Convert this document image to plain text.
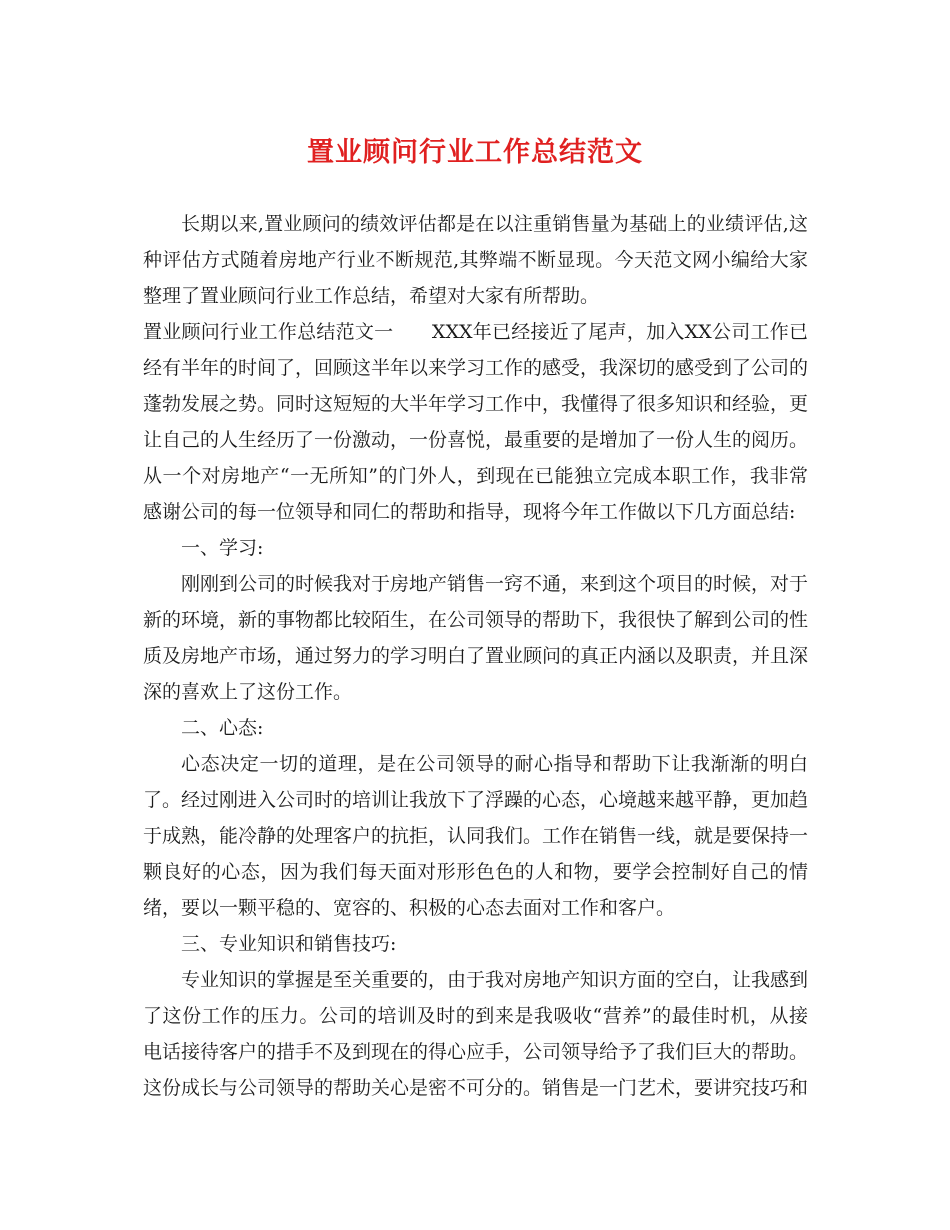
置业顾问行业工作总结范文

长期以来,置业顾问的绩效评估都是在以注重销售量为基础上的业绩评估,这种评估方式随着房地产行业不断规范,其弊端不断显现。今天范文网小编给大家整理了置业顾问行业工作总结，希望对大家有所帮助。

置业顾问行业工作总结范文一　　XXX年已经接近了尾声，加入XX公司工作已经有半年的时间了，回顾这半年以来学习工作的感受，我深切的感受到了公司的蓬勃发展之势。同时这短短的大半年学习工作中，我懂得了很多知识和经验，更让自己的人生经历了一份激动，一份喜悦，最重要的是增加了一份人生的阅历。从一个对房地产“一无所知”的门外人，到现在已能独立完成本职工作，我非常感谢公司的每一位领导和同仁的帮助和指导，现将今年工作做以下几方面总结:

一、学习:

刚刚到公司的时候我对于房地产销售一窍不通，来到这个项目的时候，对于新的环境，新的事物都比较陌生，在公司领导的帮助下，我很快了解到公司的性质及房地产市场，通过努力的学习明白了置业顾问的真正内涵以及职责，并且深深的喜欢上了这份工作。

二、心态:

心态决定一切的道理，是在公司领导的耐心指导和帮助下让我渐渐的明白了。经过刚进入公司时的培训让我放下了浮躁的心态，心境越来越平静，更加趋于成熟，能冷静的处理客户的抗拒，认同我们。工作在销售一线，就是要保持一颗良好的心态，因为我们每天面对形形色色的人和物，要学会控制好自己的情绪，要以一颗平稳的、宽容的、积极的心态去面对工作和客户。

三、专业知识和销售技巧:

专业知识的掌握是至关重要的，由于我对房地产知识方面的空白，让我感到了这份工作的压力。公司的培训及时的到来是我吸收“营养”的最佳时机，从接电话接待客户的措手不及到现在的得心应手，公司领导给予了我们巨大的帮助。这份成长与公司领导的帮助关心是密不可分的。销售是一门艺术，要讲究技巧和
